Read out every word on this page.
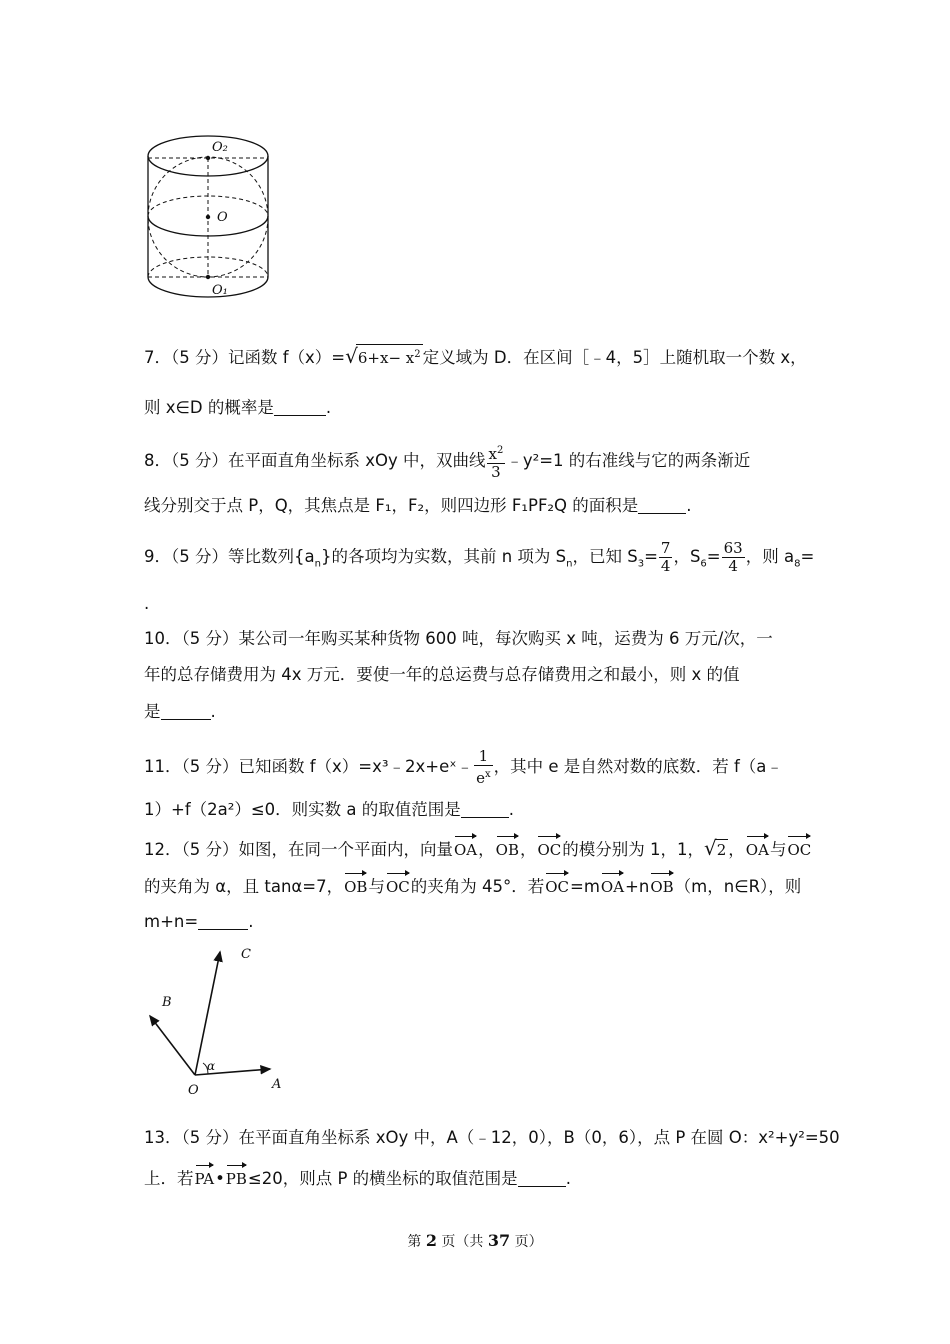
O₂
O
O₁
7．（5 分）记函数 $f(x)=√6+x- x^2$ 定义域为 D．在区间［﹣4，5］上随机取一个数 x，
则 x∈D 的概率是	.
8．（5 分）在平面直角坐标系 xOy 中，双曲线 $\frac{x^2}{3}$ ﹣y²=1 的右准线与它的两条渐近
线分别交于点 P，Q，其焦点是 F₁，F₂，则四边形 F₁PF₂Q 的面积是	.
9．（5 分）等比数列$\{a_n\}$的各项均为实数，其前 n 项为 $S_n$，已知 $S_3= \frac{7}{4}$ ，$S_6= \frac{63}{4}$ ，则 $a_8=$
.
10．（5 分）某公司一年购买某种货物 600 吨，每次购买 x 吨，运费为 6 万元/次，一
年的总存储费用为 4x 万元．要使一年的总运费与总存储费用之和最小，则 x 的值
是	.
11．（5 分）已知函数 f（x）=x³﹣2x+eˣ﹣ $\frac{1}{e^x}$ ，其中 e 是自然对数的底数．若 f（a﹣
1）+f（2a²）≤0．则实数 a 的取值范围是	.
12．（5 分）如图，在同一个平面内，向量OA，OB，OC的模分别为 1，1，√2 ，OA与OC
的夹角为 α，且 tanα=7，OB与OC的夹角为 45°．若OC=mOA+nOB（m，n∈R），则
m+n=	.
C
B
O	A
α
13．（5 分）在平面直角坐标系 xOy 中，A（﹣12，0），B（0，6），点 P 在圆 O：x²+y²=50
上．若PA•PB≤20，则点 P 的横坐标的取值范围是	.
第 2 页（共 37 页）
